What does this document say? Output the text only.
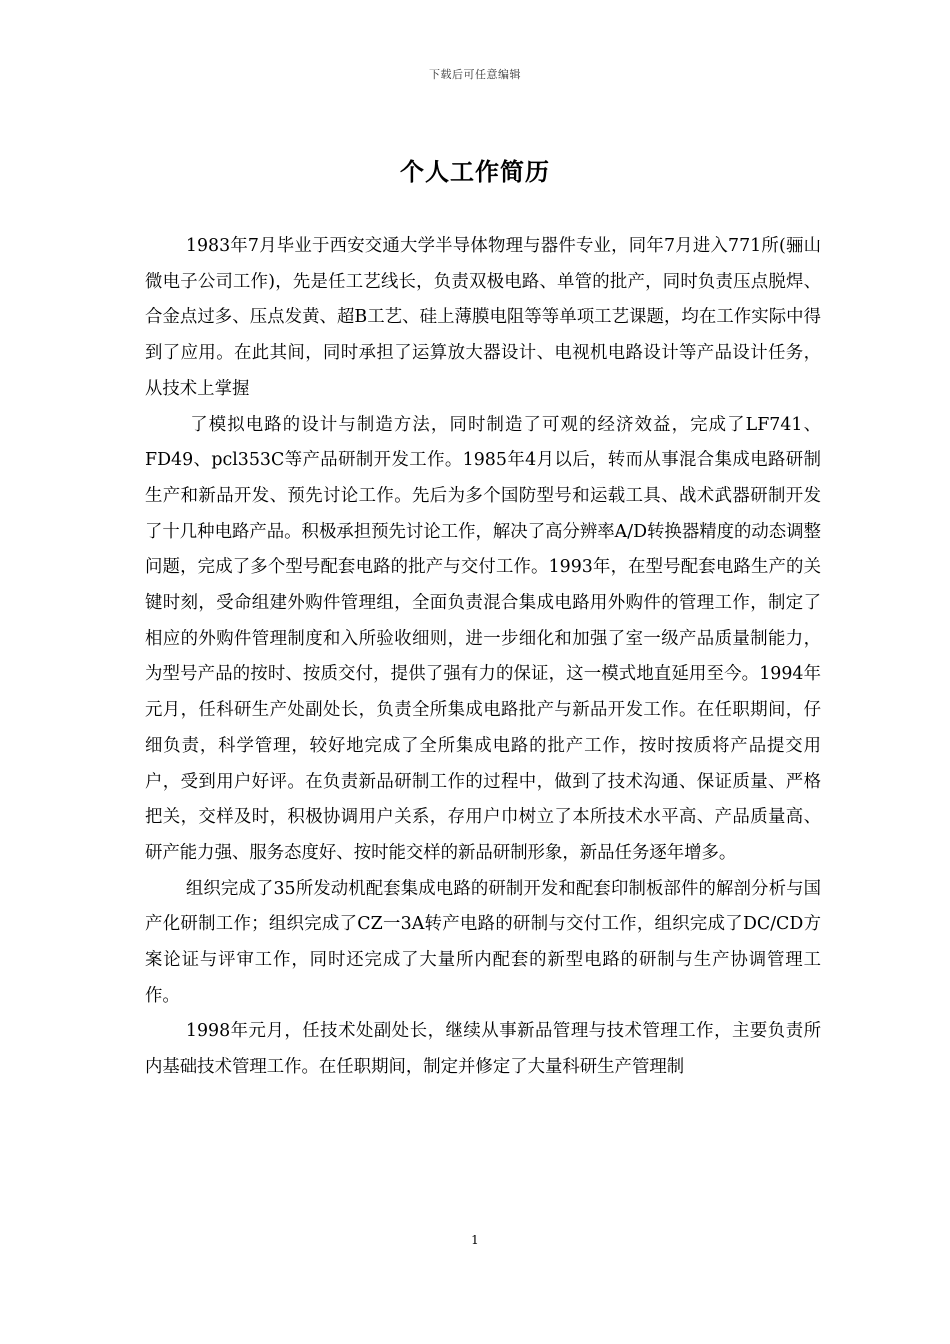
下载后可任意编辑
个人工作简历

1983年7月毕业于西安交通大学半导体物理与器件专业，同年7月进入771所(骊山微电子公司工作)，先是任工艺线长，负责双极电路、单管的批产，同时负责压点脱焊、合金点过多、压点发黄、超B工艺、硅上薄膜电阻等等单项工艺课题，均在工作实际中得到了应用。在此其间，同时承担了运算放大器设计、电视机电路设计等产品设计任务，从技术上掌握

了模拟电路的设计与制造方法，同时制造了可观的经济效益，完成了LF741、FD49、pcl353C等产品研制开发工作。1985年4月以后，转而从事混合集成电路研制生产和新品开发、预先讨论工作。先后为多个国防型号和运载工具、战术武器研制开发了十几种电路产品。积极承担预先讨论工作，解决了高分辨率A/D转换器精度的动态调整问题，完成了多个型号配套电路的批产与交付工作。1993年，在型号配套电路生产的关键时刻，受命组建外购件管理组，全面负责混合集成电路用外购件的管理工作，制定了相应的外购件管理制度和入所验收细则，进一步细化和加强了室一级产品质量制能力，为型号产品的按时、按质交付，提供了强有力的保证，这一模式地直延用至今。1994年元月，任科研生产处副处长，负责全所集成电路批产与新品开发工作。在任职期间，仔细负责，科学管理，较好地完成了全所集成电路的批产工作，按时按质将产品提交用户，受到用户好评。在负责新品研制工作的过程中，做到了技术沟通、保证质量、严格把关，交样及时，积极协调用户关系，存用户巾树立了本所技术水平高、产品质量高、研产能力强、服务态度好、按时能交样的新品研制形象，新品任务逐年增多。

组织完成了35所发动机配套集成电路的研制开发和配套印制板部件的解剖分析与国产化研制工作；组织完成了CZ一3A转产电路的研制与交付工作，组织完成了DC/CD方案论证与评审工作，同时还完成了大量所内配套的新型电路的研制与生产协调管理工作。

1998年元月，任技术处副处长，继续从事新品管理与技术管理工作，主要负责所内基础技术管理工作。在任职期间，制定并修定了大量科研生产管理制

1
